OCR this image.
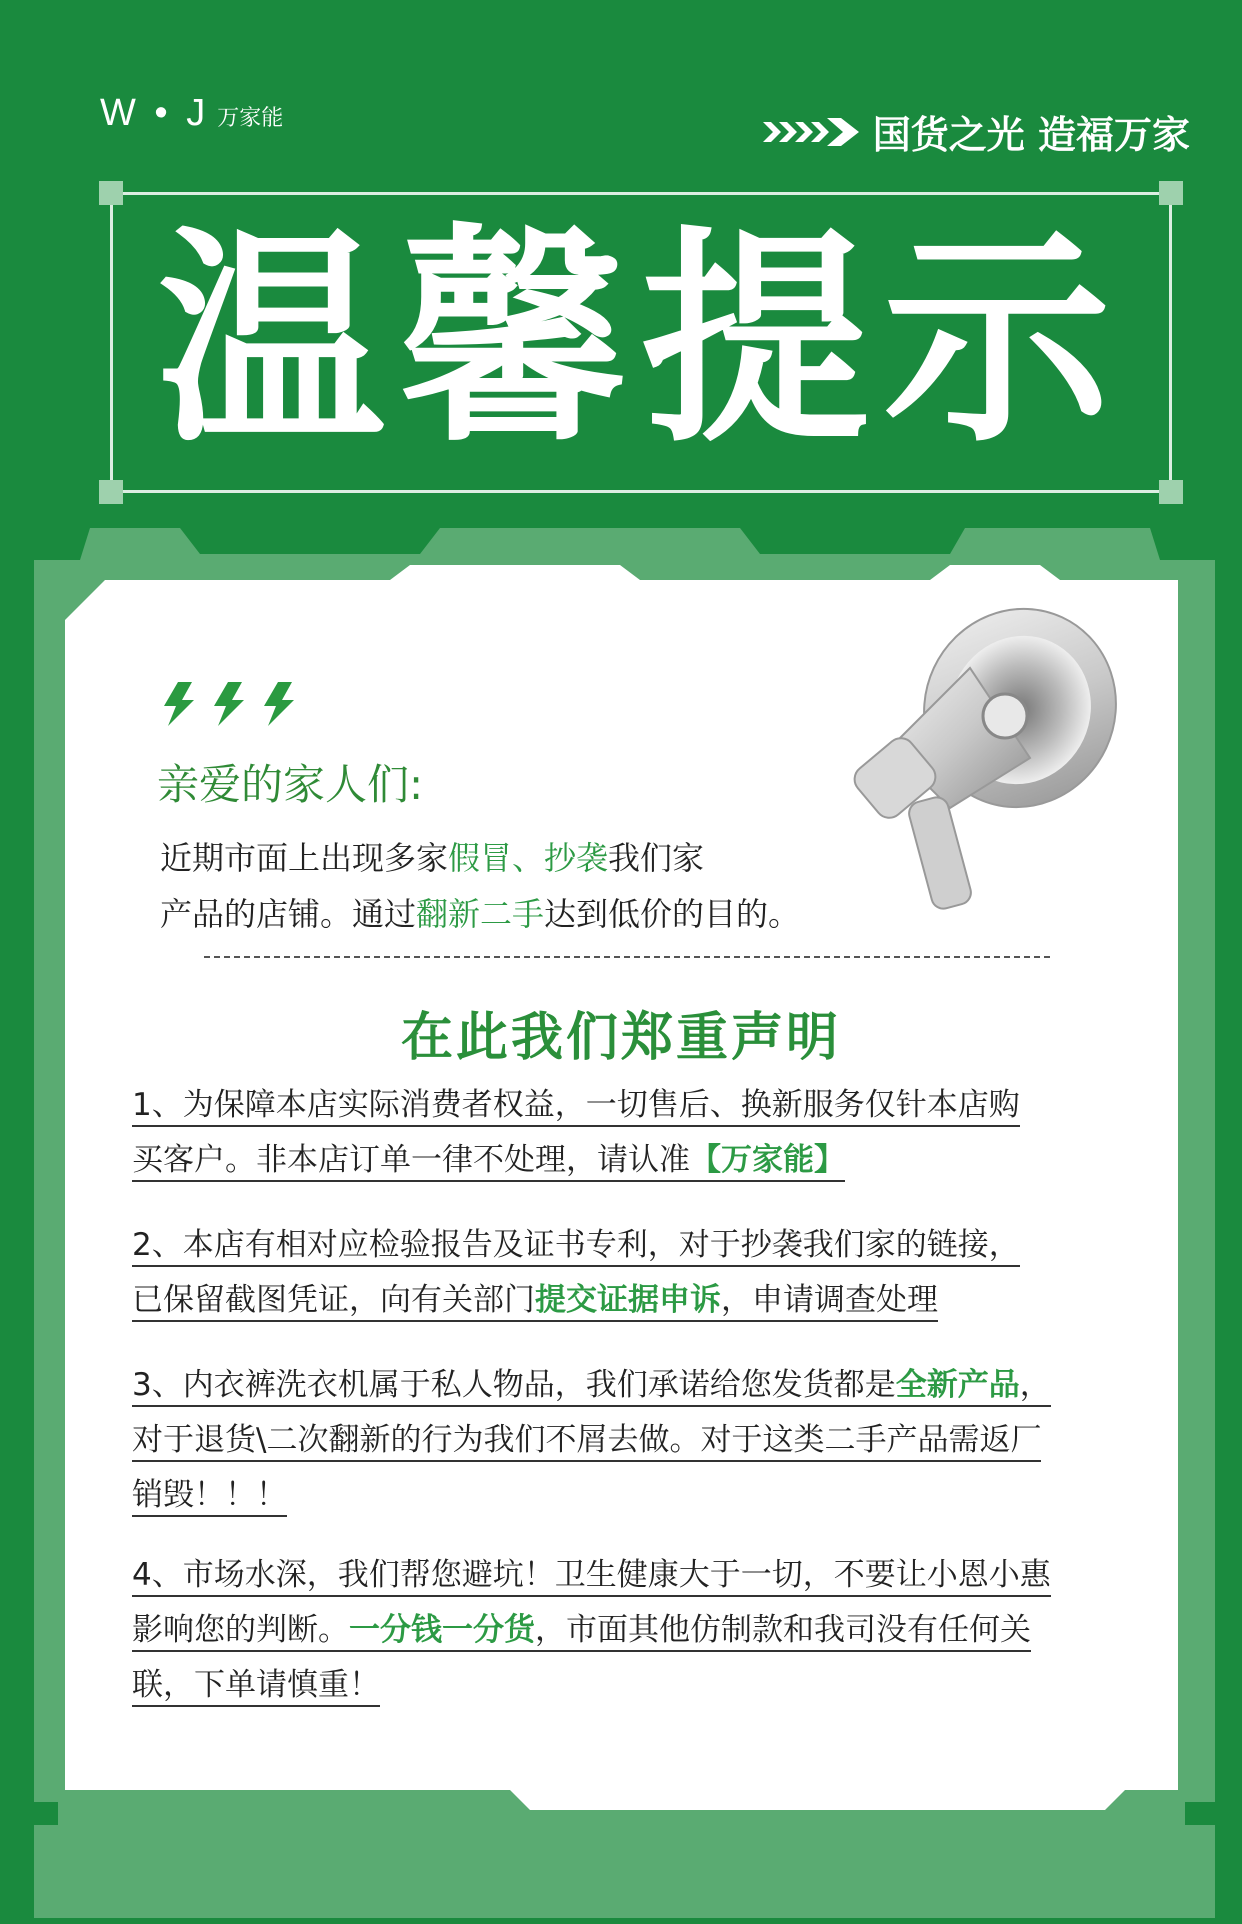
W • J 万家能	国货之光 造福万家
温馨提示
亲爱的家人们:
近期市面上出现多家假冒、抄袭我们家
产品的店铺。通过翻新二手达到低价的目的。
在此我们郑重声明
1、为保障本店实际消费者权益，一切售后、换新服务仅针本店购
买客户。非本店订单一律不处理，请认准【万家能】
2、本店有相对应检验报告及证书专利，对于抄袭我们家的链接，
已保留截图凭证，向有关部门提交证据申诉，申请调查处理
3、内衣裤洗衣机属于私人物品，我们承诺给您发货都是全新产品，
对于退货\二次翻新的行为我们不屑去做。对于这类二手产品需返厂
销毁！！！
4、市场水深，我们帮您避坑！卫生健康大于一切，不要让小恩小惠
影响您的判断。一分钱一分货，市面其他仿制款和我司没有任何关
联，下单请慎重！
